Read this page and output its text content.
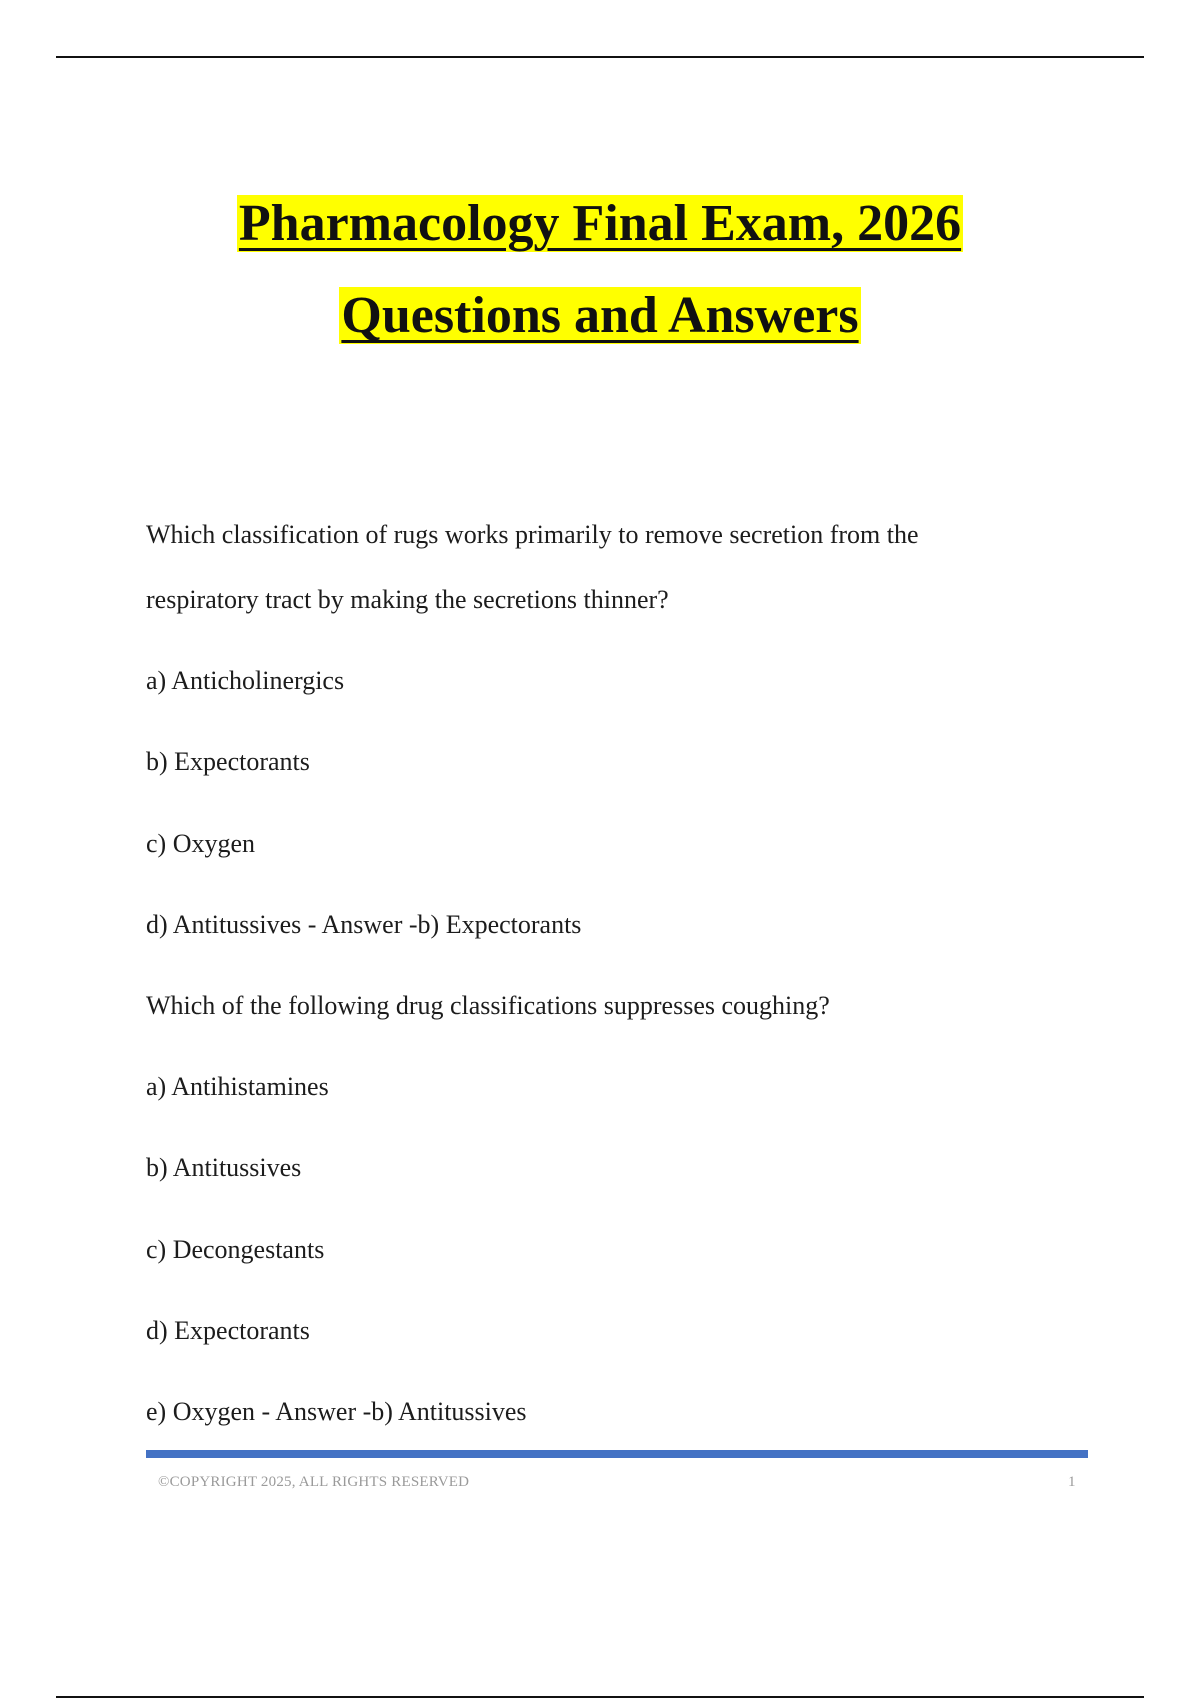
Pharmacology Final Exam, 2026
Questions and Answers
Which classification of rugs works primarily to remove secretion from the
respiratory tract by making the secretions thinner?
a) Anticholinergics
b) Expectorants
c) Oxygen
d) Antitussives - Answer -b) Expectorants
Which of the following drug classifications suppresses coughing?
a) Antihistamines
b) Antitussives
c) Decongestants
d) Expectorants
e) Oxygen - Answer -b) Antitussives
©COPYRIGHT 2025, ALL RIGHTS RESERVED	1
